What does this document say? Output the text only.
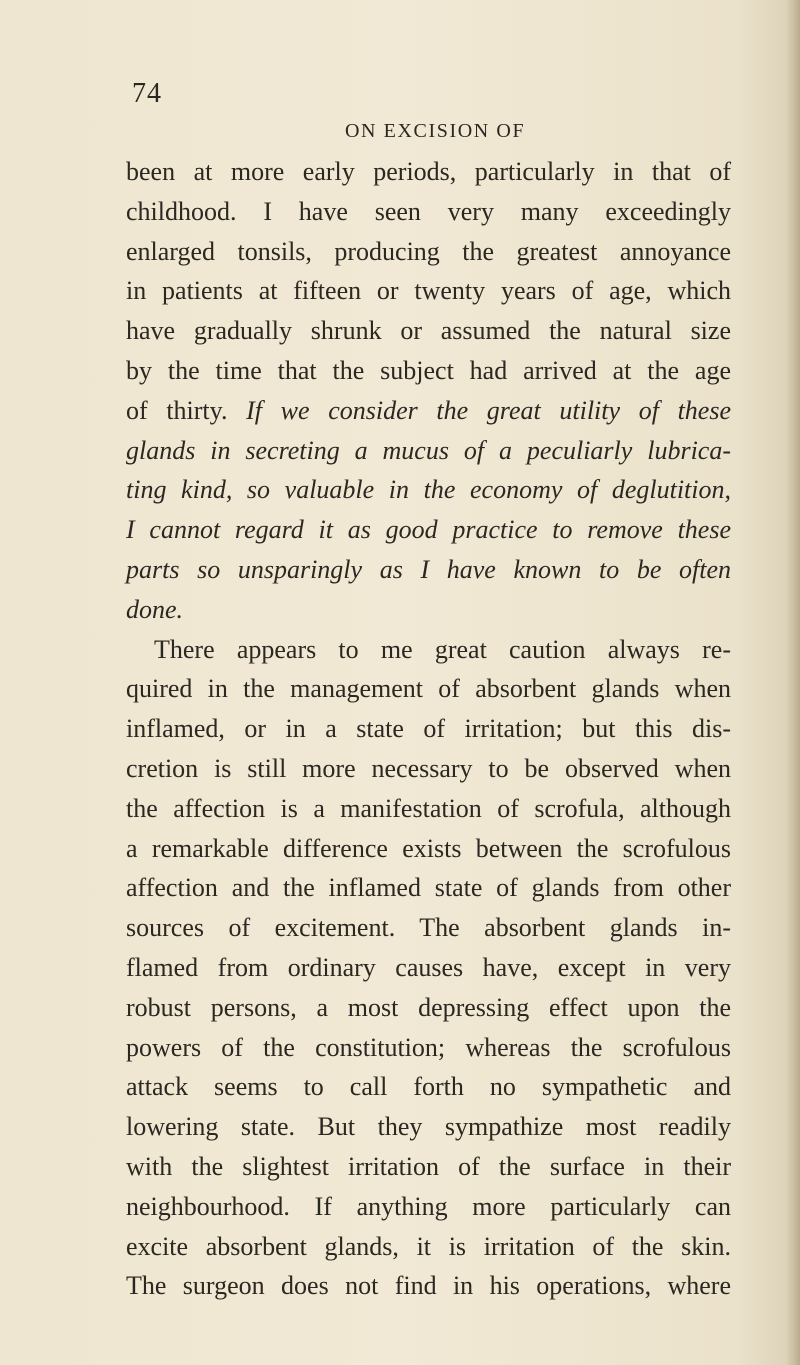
74
ON EXCISION OF
been at more early periods, particularly in that of
childhood. I have seen very many exceedingly
enlarged tonsils, producing the greatest annoyance
in patients at fifteen or twenty years of age, which
have gradually shrunk or assumed the natural size
by the time that the subject had arrived at the age
of thirty. If we consider the great utility of these
glands in secreting a mucus of a peculiarly lubrica-
ting kind, so valuable in the economy of deglutition,
I cannot regard it as good practice to remove these
parts so unsparingly as I have known to be often
done.
There appears to me great caution always re-
quired in the management of absorbent glands when
inflamed, or in a state of irritation; but this dis-
cretion is still more necessary to be observed when
the affection is a manifestation of scrofula, although
a remarkable difference exists between the scrofulous
affection and the inflamed state of glands from other
sources of excitement. The absorbent glands in-
flamed from ordinary causes have, except in very
robust persons, a most depressing effect upon the
powers of the constitution; whereas the scrofulous
attack seems to call forth no sympathetic and
lowering state. But they sympathize most readily
with the slightest irritation of the surface in their
neighbourhood. If anything more particularly can
excite absorbent glands, it is irritation of the skin.
The surgeon does not find in his operations, where
